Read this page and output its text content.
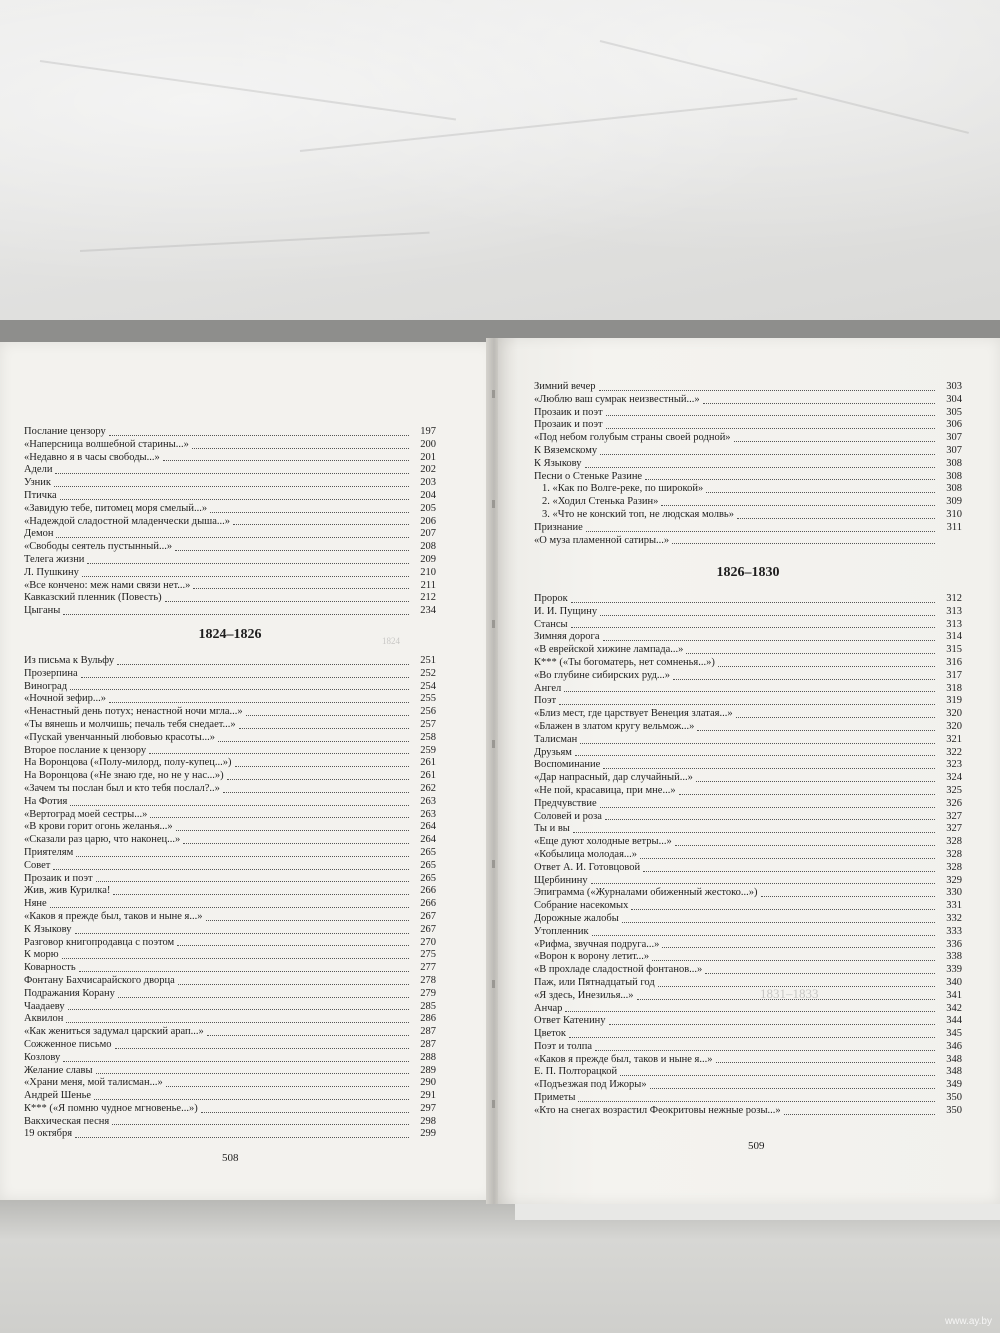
Послание цензору	197
«Наперсница волшебной старины...»	200
«Недавно я в часы свободы...»	201
Адели	202
Узник	203
Птичка	204
«Завидую тебе, питомец моря смелый...»	205
«Надеждой сладостной младенчески дыша...»	206
Демон	207
«Свободы сеятель пустынный...»	208
Телега жизни	209
Л. Пушкину	210
«Все кончено: меж нами связи нет...»	211
Кавказский пленник (Повесть)	212
Цыганы	234
1824–1826
Из письма к Вульфу	251
Прозерпина	252
Виноград	254
«Ночной зефир...»	255
«Ненастный день потух; ненастной ночи мгла...»	256
«Ты вянешь и молчишь; печаль тебя снедает...»	257
«Пускай увенчанный любовью красоты...»	258
Второе послание к цензору	259
На Воронцова («Полу-милорд, полу-купец...»)	261
На Воронцова («Не знаю где, но не у нас...»)	261
«Зачем ты послан был и кто тебя послал?..»	262
На Фотия	263
«Вертоград моей сестры...»	263
«В крови горит огонь желанья...»	264
«Сказали раз царю, что наконец...»	264
Приятелям	265
Совет	265
Прозаик и поэт	265
Жив, жив Курилка!	266
Няне	266
«Каков я прежде был, таков и ныне я...»	267
К Языкову	267
Разговор книгопродавца с поэтом	270
К морю	275
Коварность	277
Фонтану Бахчисарайского дворца	278
Подражания Корану	279
Чаадаеву	285
Аквилон	286
«Как жениться задумал царский арап...»	287
Сожженное письмо	287
Козлову	288
Желание славы	289
«Храни меня, мой талисман...»	290
Андрей Шенье	291
К*** («Я помню чудное мгновенье...»)	297
Вакхическая песня	298
19 октября	299
508
1824
Зимний вечер	303
«Люблю ваш сумрак неизвестный...»	304
Прозаик и поэт	305
Прозаик и поэт	306
«Под небом голубым страны своей родной»	307
К Вяземскому	307
К Языкову	308
Песни о Стеньке Разине	308
1. «Как по Волге-реке, по широкой»	308
2. «Ходил Стенька Разин»	309
3. «Что не конский топ, не людская молвь»	310
Признание	311
«О муза пламенной сатиры...»
1826–1830
Пророк	312
И. И. Пущину	313
Стансы	313
Зимняя дорога	314
«В еврейской хижине лампада...»	315
К*** («Ты богоматерь, нет сомненья...»)	316
«Во глубине сибирских руд...»	317
Ангел	318
Поэт	319
«Близ мест, где царствует Венеция златая...»	320
«Блажен в златом кругу вельмож...»	320
Талисман	321
Друзьям	322
Воспоминание	323
«Дар напрасный, дар случайный...»	324
«Не пой, красавица, при мне...»	325
Предчувствие	326
Соловей и роза	327
Ты и вы	327
«Еще дуют холодные ветры...»	328
«Кобылица молодая...»	328
Ответ А. И. Готовцовой	328
Щербинину	329
Эпиграмма («Журналами обиженный жестоко...»)	330
Собрание насекомых	331
Дорожные жалобы	332
Утопленник	333
«Рифма, звучная подруга...»	336
«Ворон к ворону летит...»	338
«В прохладе сладостной фонтанов...»	339
Паж, или Пятнадцатый год	340
«Я здесь, Инезилья...»	341
Анчар	342
Ответ Катенину	344
Цветок	345
Поэт и толпа	346
«Каков я прежде был, таков и ныне я...»	348
Е. П. Полторацкой	348
«Подъезжая под Ижоры»	349
Приметы	350
«Кто на снегах возрастил Феокритовы нежные розы...»	350
509
1831–1833
www.ay.by
